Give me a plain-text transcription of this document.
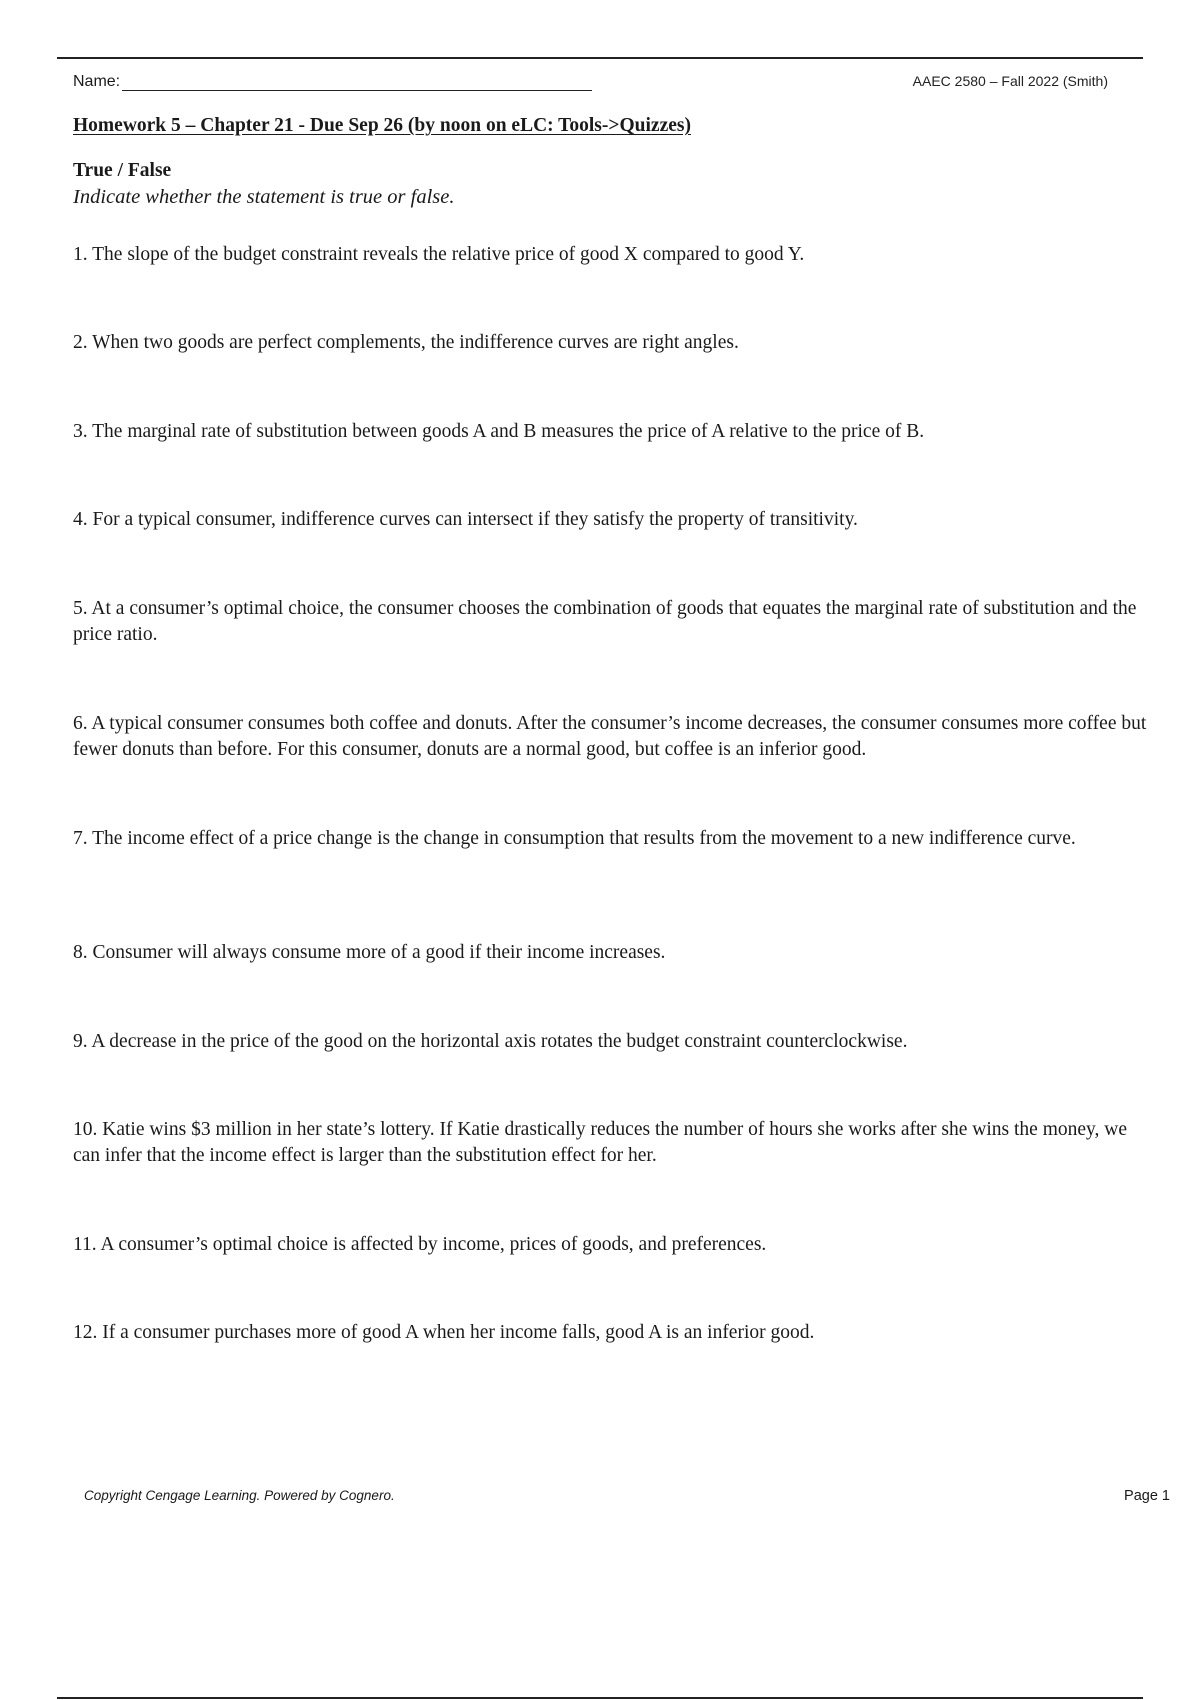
Name:	AAEC 2580 – Fall 2022 (Smith)
Homework 5 – Chapter 21 - Due Sep 26 (by noon on eLC: Tools->Quizzes)
True / False
Indicate whether the statement is true or false.

1. The slope of the budget constraint reveals the relative price of good X compared to good Y.

2. When two goods are perfect complements, the indifference curves are right angles.

3. The marginal rate of substitution between goods A and B measures the price of A relative to the price of B.

4. For a typical consumer, indifference curves can intersect if they satisfy the property of transitivity.

5. At a consumer’s optimal choice, the consumer chooses the combination of goods that equates the marginal rate of substitution and the price ratio.

6. A typical consumer consumes both coffee and donuts. After the consumer’s income decreases, the consumer consumes more coffee but fewer donuts than before. For this consumer, donuts are a normal good, but coffee is an inferior good.

7. The income effect of a price change is the change in consumption that results from the movement to a new indifference curve.

8. Consumer will always consume more of a good if their income increases.

9. A decrease in the price of the good on the horizontal axis rotates the budget constraint counterclockwise.

10. Katie wins $3 million in her state’s lottery. If Katie drastically reduces the number of hours she works after she wins the money, we can infer that the income effect is larger than the substitution effect for her.

11. A consumer’s optimal choice is affected by income, prices of goods, and preferences.

12. If a consumer purchases more of good A when her income falls, good A is an inferior good.

Copyright Cengage Learning. Powered by Cognero.	Page 1
